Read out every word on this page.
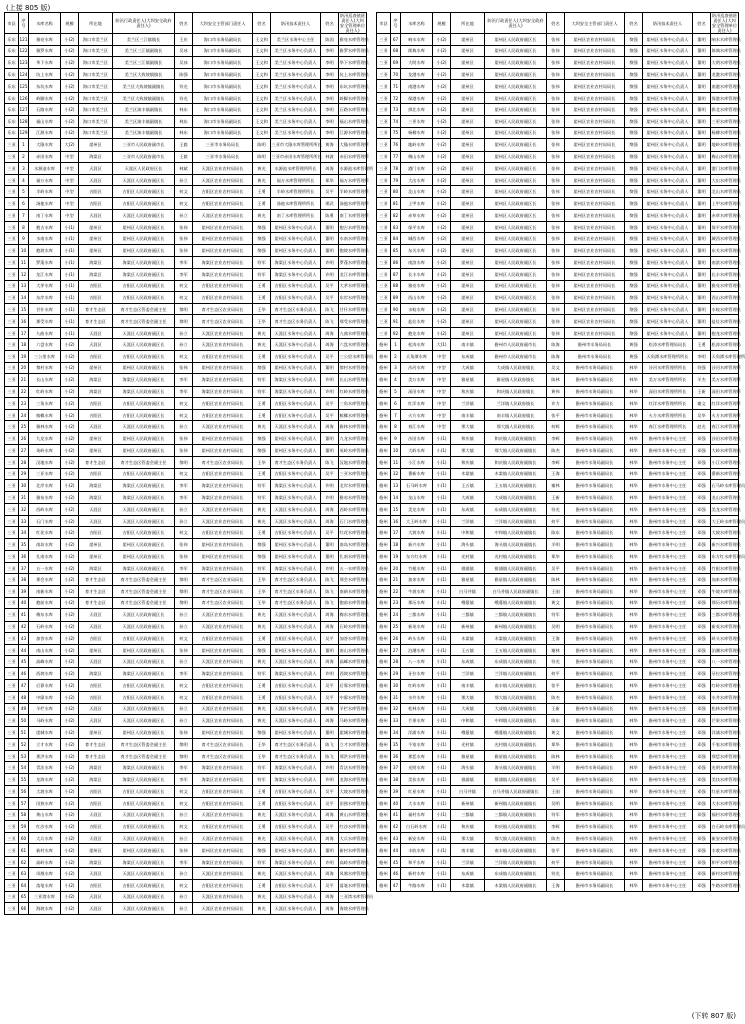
(上接 805 版)
市县	序号	水库名称	规模	所在地	防汛行政责任人(大坝安全政府责任人)	姓名	大坝安全主管部门责任人	姓名	防汛技术责任人	姓名	防汛巡查值班责任人(大坝安全管理单位责任人)
乐东	121	雅亮水库	小(2)	海口市美兰区	美兰区三江镇镇长	王庆	海口市水务局副局长	王文和	美兰区水务中心主任	陈国	雅亮水库管理员
乐东	122	雅罗水库	小(2)	海口市美兰区	美兰区三江镇副镇长	吴冰	海口市水务局副局长	王文和	美兰区水务中心负责人	李明	雅罗水库管理员
乐东	123	华下水库	小(2)	海口市美兰区	美兰区三江镇副镇长	吴冰	海口市水务局副局长	王文和	美兰区水务中心负责人	李明	华下水库管理员
乐东	124	坑上水库	小(2)	海口市美兰区	美兰区大致坡镇镇长	陈强	海口市水务局副局长	王文和	美兰区水务中心负责人	李明	坑上水库管理员
乐东	125	东坑水库	小(2)	海口市美兰区	美兰区大致坡镇副镇长	符光	海口市水务局副局长	王文和	美兰区水务中心负责人	李明	东坑水库管理员
乐东	126	岭脚水库	小(2)	海口市美兰区	美兰区大致坡镇副镇长	符光	海口市水务局副局长	王文和	美兰区水务中心负责人	李明	岭脚水库管理员
乐东	127	石路水库	小(2)	海口市美兰区	美兰区演丰镇副镇长	林东	海口市水务局副局长	王文和	美兰区水务中心负责人	李明	石路水库管理员
乐东	128	福山水库	小(2)	海口市美兰区	美兰区演丰镇副镇长	林东	海口市水务局副局长	王文和	美兰区水务中心负责人	李明	福山水库管理员
乐东	129	江源水库	小(2)	海口市美兰区	美兰区演丰镇副镇长	林东	海口市水务局副局长	王文和	美兰区水务中心负责人	李明	江源水库管理员
三亚	1	大隆水库	大(2)	崖州区	三亚市人民政府副市长	王毅	三亚市水务局局长	陈明	三亚市大隆水库管理所所长	黄海	大隆水库管理所
三亚	2	赤田水库	中型	海棠区	三亚市人民政府副市长	王毅	三亚市水务局局长	陈明	三亚市赤田水库管理所所长	林波	赤田水库管理所
三亚	3	水源池水库	中型	天涯区	天涯区人民政府区长	林斌	天涯区农业农村局局长	黄光	水源池水库管理所所长	周海	水源池水库管理所
三亚	4	福万水库	中型	天涯区	天涯区人民政府副区长	孙立	天涯区农业农村局局长	黄光	福万水库管理所所长	郑华	福万水库管理所
三亚	5	半岭水库	中型	吉阳区	吉阳区人民政府副区长	何文	吉阳区农业农村局局长	王勇	半岭水库管理所所长	吴平	半岭水库管理所
三亚	6	汤他水库	中型	吉阳区	吉阳区人民政府副区长	何文	吉阳区农业农村局局长	王勇	汤他水库管理所所长	邢武	汤他水库管理所
三亚	7	南丁水库	中型	天涯区	天涯区人民政府副区长	孙立	天涯区农业农村局局长	黄光	南丁水库管理所所长	陈勇	南丁水库管理所
三亚	8	抱古水库	小(1)	崖州区	崖州区人民政府副区长	张伟	崖州区农业农村局局长	黎强	崖州区水务中心负责人	董明	抱古水库管理员
三亚	9	水南水库	小(1)	崖州区	崖州区人民政府副区长	张伟	崖州区农业农村局局长	黎强	崖州区水务中心负责人	董明	水南水库管理员
三亚	10	抱坡水库	小(1)	崖州区	崖州区人民政府副区长	张伟	崖州区农业农村局局长	黎强	崖州区水务中心负责人	董明	抱坡水库管理员
三亚	11	罗蓬水库	小(1)	海棠区	海棠区人民政府副区长	李军	海棠区农业农村局局长	符军	海棠区水务中心负责人	许明	罗蓬水库管理员
三亚	12	龙江水库	小(1)	海棠区	海棠区人民政府副区长	李军	海棠区农业农村局局长	符军	海棠区水务中心负责人	许明	龙江水库管理员
三亚	13	大茅水库	小(1)	吉阳区	吉阳区人民政府副区长	何文	吉阳区农业农村局局长	王勇	吉阳区水务中心负责人	吴平	大茅水库管理员
三亚	14	东岸水库	小(1)	吉阳区	吉阳区人民政府副区长	何文	吉阳区农业农村局局长	王勇	吉阳区水务中心负责人	吴平	东岸水库管理员
三亚	15	甘什水库	小(1)	育才生态区	育才生态区管委会副主任	黎明	育才生态区农业局局长	王华	育才生态区水务负责人	陈飞	甘什水库管理员
三亚	16	那受水库	小(1)	育才生态区	育才生态区管委会副主任	黎明	育才生态区农业局局长	王华	育才生态区水务负责人	陈飞	那受水库管理员
三亚	17	九曲水库	小(1)	天涯区	天涯区人民政府副区长	孙立	天涯区农业农村局局长	黄光	天涯区水务中心负责人	周海	九曲水库管理员
三亚	18	六盘水库	小(2)	天涯区	天涯区人民政府副区长	孙立	天涯区农业农村局局长	黄光	天涯区水务中心负责人	周海	六盘水库管理员
三亚	19	三公里水库	小(2)	吉阳区	吉阳区人民政府副区长	何文	吉阳区农业农村局局长	王勇	吉阳区水务中心负责人	吴平	三公里水库管理员
三亚	20	黎村水库	小(2)	崖州区	崖州区人民政府副区长	张伟	崖州区农业农村局局长	黎强	崖州区水务中心负责人	董明	黎村水库管理员
三亚	21	长山水库	小(2)	海棠区	海棠区人民政府副区长	李军	海棠区农业农村局局长	符军	海棠区水务中心负责人	许明	长山水库管理员
三亚	22	红岭水库	小(2)	海棠区	海棠区人民政府副区长	李军	海棠区农业农村局局长	符军	海棠区水务中心负责人	许明	红岭水库管理员
三亚	23	三角水库	小(2)	吉阳区	吉阳区人民政府副区长	何文	吉阳区农业农村局局长	王勇	吉阳区水务中心负责人	吴平	三角水库管理员
三亚	24	槟榔水库	小(2)	吉阳区	吉阳区人民政府副区长	何文	吉阳区农业农村局局长	王勇	吉阳区水务中心负责人	吴平	槟榔水库管理员
三亚	25	雅林水库	小(2)	天涯区	天涯区人民政府副区长	孙立	天涯区农业农村局局长	黄光	天涯区水务中心负责人	周海	雅林水库管理员
三亚	26	九龙水库	小(2)	崖州区	崖州区人民政府副区长	张伟	崖州区农业农村局局长	黎强	崖州区水务中心负责人	董明	九龙水库管理员
三亚	27	英岭水库	小(2)	崖州区	崖州区人民政府副区长	张伟	崖州区农业农村局局长	黎强	崖州区水务中心负责人	董明	英岭水库管理员
三亚	28	汉地水库	小(2)	育才生态区	育才生态区管委会副主任	黎明	育才生态区农业局局长	王华	育才生态区水务负责人	陈飞	汉地水库管理员
三亚	29	三亚水库	小(2)	吉阳区	吉阳区人民政府副区长	何文	吉阳区农业农村局局长	王勇	吉阳区水务中心负责人	吴平	三亚水库管理员
三亚	30	北岸水库	小(2)	海棠区	海棠区人民政府副区长	李军	海棠区农业农村局局长	符军	海棠区水务中心负责人	许明	北岸水库管理员
三亚	31	雅布水库	小(2)	海棠区	海棠区人民政府副区长	李军	海棠区农业农村局局长	符军	海棠区水务中心负责人	许明	雅布水库管理员
三亚	32	西岭水库	小(2)	天涯区	天涯区人民政府副区长	孙立	天涯区农业农村局局长	黄光	天涯区水务中心负责人	周海	西岭水库管理员
三亚	33	石门水库	小(2)	天涯区	天涯区人民政府副区长	孙立	天涯区农业农村局局长	黄光	天涯区水务中心负责人	周海	石门水库管理员
三亚	34	红花水库	小(2)	吉阳区	吉阳区人民政府副区长	何文	吉阳区农业农村局局长	王勇	吉阳区水务中心负责人	吴平	红花水库管理员
三亚	35	南岛水库	小(2)	崖州区	崖州区人民政府副区长	张伟	崖州区农业农村局局长	黎强	崖州区水务中心负责人	董明	南岛水库管理员
三亚	36	扎南水库	小(2)	崖州区	崖州区人民政府副区长	张伟	崖州区农业农村局局长	黎强	崖州区水务中心负责人	董明	扎南水库管理员
三亚	37	五一水库	小(2)	海棠区	海棠区人民政府副区长	李军	海棠区农业农村局局长	符军	海棠区水务中心负责人	许明	五一水库管理员
三亚	38	那会水库	小(2)	育才生态区	育才生态区管委会副主任	黎明	育才生态区农业局局长	王华	育才生态区水务负责人	陈飞	那会水库管理员
三亚	39	南新水库	小(2)	育才生态区	育才生态区管委会副主任	黎明	育才生态区农业局局长	王华	育才生态区水务负责人	陈飞	南新水库管理员
三亚	40	抱前水库	小(2)	育才生态区	育才生态区管委会副主任	黎明	育才生态区农业局局长	王华	育才生态区水务负责人	陈飞	抱前水库管理员
三亚	41	梅东水库	小(2)	天涯区	天涯区人民政府副区长	孙立	天涯区农业农村局局长	黄光	天涯区水务中心负责人	周海	梅东水库管理员
三亚	42	石岭水库	小(2)	天涯区	天涯区人民政府副区长	孙立	天涯区农业农村局局长	黄光	天涯区水务中心负责人	周海	石岭水库管理员
三亚	43	加答水库	小(2)	吉阳区	吉阳区人民政府副区长	何文	吉阳区农业农村局局长	王勇	吉阳区水务中心负责人	吴平	加答水库管理员
三亚	44	南山水库	小(2)	崖州区	崖州区人民政府副区长	张伟	崖州区农业农村局局长	黎强	崖州区水务中心负责人	董明	南山水库管理员
三亚	45	高峰水库	小(2)	天涯区	天涯区人民政府副区长	孙立	天涯区农业农村局局长	黄光	天涯区水务中心负责人	周海	高峰水库管理员
三亚	46	西坡水库	小(2)	海棠区	海棠区人民政府副区长	李军	海棠区农业农村局局长	符军	海棠区水务中心负责人	许明	西坡水库管理员
三亚	47	后靠水库	小(2)	吉阳区	吉阳区人民政府副区长	何文	吉阳区农业农村局局长	王勇	吉阳区水务中心负责人	吴平	后靠水库管理员
三亚	48	中廖水库	小(2)	吉阳区	吉阳区人民政府副区长	何文	吉阳区农业农村局局长	王勇	吉阳区水务中心负责人	吴平	中廖水库管理员
三亚	49	羊栏水库	小(2)	天涯区	天涯区人民政府副区长	孙立	天涯区农业农村局局长	黄光	天涯区水务中心负责人	周海	羊栏水库管理员
三亚	50	马岭水库	小(2)	天涯区	天涯区人民政府副区长	孙立	天涯区农业农村局局长	黄光	天涯区水务中心负责人	周海	马岭水库管理员
三亚	51	崖城水库	小(2)	崖州区	崖州区人民政府副区长	张伟	崖州区农业农村局局长	黎强	崖州区水务中心负责人	董明	崖城水库管理员
三亚	52	立才水库	小(2)	育才生态区	育才生态区管委会副主任	黎明	育才生态区农业局局长	王华	育才生态区水务负责人	陈飞	立才水库管理员
三亚	53	那洪水库	小(2)	育才生态区	育才生态区管委会副主任	黎明	育才生态区农业局局长	王华	育才生态区水务负责人	陈飞	那洪水库管理员
三亚	54	青法水库	小(2)	海棠区	海棠区人民政府副区长	李军	海棠区农业农村局局长	符军	海棠区水务中心负责人	许明	青法水库管理员
三亚	55	龙海水库	小(2)	海棠区	海棠区人民政府副区长	李军	海棠区农业农村局局长	符军	海棠区水务中心负责人	许明	龙海水库管理员
三亚	56	大坡水库	小(2)	吉阳区	吉阳区人民政府副区长	何文	吉阳区农业农村局局长	王勇	吉阳区水务中心负责人	吴平	大坡水库管理员
三亚	57	田独水库	小(2)	吉阳区	吉阳区人民政府副区长	何文	吉阳区农业农村局局长	王勇	吉阳区水务中心负责人	吴平	田独水库管理员
三亚	58	黄山水库	小(2)	天涯区	天涯区人民政府副区长	孙立	天涯区农业农村局局长	黄光	天涯区水务中心负责人	周海	黄山水库管理员
三亚	59	红沙水库	小(2)	吉阳区	吉阳区人民政府副区长	何文	吉阳区农业农村局局长	王勇	吉阳区水务中心负责人	吴平	红沙水库管理员
三亚	60	大兵水库	小(2)	天涯区	天涯区人民政府副区长	孙立	天涯区农业农村局局长	黄光	天涯区水务中心负责人	周海	大兵水库管理员
三亚	61	新村水库	小(2)	崖州区	崖州区人民政府副区长	张伟	崖州区农业农村局局长	黎强	崖州区水务中心负责人	董明	新村水库管理员
三亚	62	高岭水库	小(2)	海棠区	海棠区人民政府副区长	李军	海棠区农业农村局局长	符军	海棠区水务中心负责人	许明	高岭水库管理员
三亚	63	凤凰水库	小(2)	天涯区	天涯区人民政府副区长	孙立	天涯区农业农村局局长	黄光	天涯区水务中心负责人	周海	凤凰水库管理员
三亚	64	落笔水库	小(2)	吉阳区	吉阳区人民政府副区长	何文	吉阳区农业农村局局长	王勇	吉阳区水务中心负责人	吴平	落笔水库管理员
三亚	65	三亚湾水库	小(2)	天涯区	天涯区人民政府副区长	孙立	天涯区农业农村局局长	黄光	天涯区水务中心负责人	周海	三亚湾水库管理员
三亚	66	海坡水库	小(2)	天涯区	天涯区人民政府副区长	孙立	天涯区农业农村局局长	黄光	天涯区水务中心负责人	周海	海坡水库管理员
市县	序号	水库名称	规模	所在地	防汛行政责任人(大坝安全政府责任人)	姓名	大坝安全主管部门责任人	姓名	防汛技术责任人	姓名	防汛巡查值班责任人(大坝安全管理单位责任人)
三亚	67	响水水库	小(2)	崖州区	崖州区人民政府副区长	张伟	崖州区农业农村局局长	黎强	崖州区水务中心负责人	董明	响水水库管理员
三亚	68	郎典水库	小(2)	崖州区	崖州区人民政府副区长	张伟	崖州区农业农村局局长	黎强	崖州区水务中心负责人	董明	郎典水库管理员
三亚	69	大明水库	小(2)	崖州区	崖州区人民政府副区长	张伟	崖州区农业农村局局长	黎强	崖州区水务中心负责人	董明	大明水库管理员
三亚	70	龙港水库	小(2)	崖州区	崖州区人民政府副区长	张伟	崖州区农业农村局局长	黎强	崖州区水务中心负责人	董明	龙港水库管理员
三亚	71	南港水库	小(2)	崖州区	崖州区人民政府副区长	张伟	崖州区农业农村局局长	黎强	崖州区水务中心负责人	董明	南港水库管理员
三亚	72	保港水库	小(2)	崖州区	崖州区人民政府副区长	张伟	崖州区农业农村局局长	黎强	崖州区水务中心负责人	董明	保港水库管理员
三亚	73	拱北水库	小(2)	崖州区	崖州区人民政府副区长	张伟	崖州区农业农村局局长	黎强	崖州区水务中心负责人	董明	拱北水库管理员
三亚	74	三更水库	小(2)	崖州区	崖州区人民政府副区长	张伟	崖州区农业农村局局长	黎强	崖州区水务中心负责人	董明	三更水库管理员
三亚	75	杨柳水库	小(2)	崖州区	崖州区人民政府副区长	张伟	崖州区农业农村局局长	黎强	崖州区水务中心负责人	董明	杨柳水库管理员
三亚	76	地岭水库	小(2)	崖州区	崖州区人民政府副区长	张伟	崖州区农业农村局局长	黎强	崖州区水务中心负责人	董明	地岭水库管理员
三亚	77	梅山水库	小(2)	崖州区	崖州区人民政府副区长	张伟	崖州区农业农村局局长	黎强	崖州区水务中心负责人	董明	梅山水库管理员
三亚	78	港门水库	小(2)	崖州区	崖州区人民政府副区长	张伟	崖州区农业农村局局长	黎强	崖州区水务中心负责人	董明	港门水库管理员
三亚	79	大出水库	小(2)	崖州区	崖州区人民政府副区长	张伟	崖州区农业农村局局长	黎强	崖州区水务中心负责人	董明	大出水库管理员
三亚	80	北山水库	小(2)	崖州区	崖州区人民政府副区长	张伟	崖州区农业农村局局长	黎强	崖州区水务中心负责人	董明	北山水库管理员
三亚	81	上甲水库	小(2)	崖州区	崖州区人民政府副区长	张伟	崖州区农业农村局局长	黎强	崖州区水务中心负责人	董明	上甲水库管理员
三亚	82	赤草水库	小(2)	崖州区	崖州区人民政府副区长	张伟	崖州区农业农村局局长	黎强	崖州区水务中心负责人	董明	赤草水库管理员
三亚	83	保平水库	小(2)	崖州区	崖州区人民政府副区长	张伟	崖州区农业农村局局长	黎强	崖州区水务中心负责人	董明	保平水库管理员
三亚	84	城西水库	小(2)	崖州区	崖州区人民政府副区长	张伟	崖州区农业农村局局长	黎强	崖州区水务中心负责人	董明	城西水库管理员
三亚	85	东关水库	小(2)	崖州区	崖州区人民政府副区长	张伟	崖州区农业农村局局长	黎强	崖州区水务中心负责人	董明	东关水库管理员
三亚	86	南滨水库	小(2)	崖州区	崖州区人民政府副区长	张伟	崖州区农业农村局局长	黎强	崖州区水务中心负责人	董明	南滨水库管理员
三亚	87	长丰水库	小(2)	崖州区	崖州区人民政府副区长	张伟	崖州区农业农村局局长	黎强	崖州区水务中心负责人	董明	长丰水库管理员
三亚	88	雅亮水库	小(2)	崖州区	崖州区人民政府副区长	张伟	崖州区农业农村局局长	黎强	崖州区水务中心负责人	董明	雅亮水库管理员
三亚	89	西山水库	小(2)	崖州区	崖州区人民政府副区长	张伟	崖州区农业农村局局长	黎强	崖州区水务中心负责人	董明	西山水库管理员
三亚	90	水蛟水库	小(2)	崖州区	崖州区人民政府副区长	张伟	崖州区农业农村局局长	黎强	崖州区水务中心负责人	董明	水蛟水库管理员
三亚	91	盐灶水库	小(2)	崖州区	崖州区人民政府副区长	张伟	崖州区农业农村局局长	黎强	崖州区水务中心负责人	董明	盐灶水库管理员
三亚	92	抱龙水库	小(2)	崖州区	崖州区人民政府副区长	张伟	崖州区农业农村局局长	黎强	崖州区水务中心负责人	董明	抱龙水库管理员
儋州	1	松涛水库	大(1)	南丰镇	儋州市人民政府副市长	陈海	儋州市水务局局长	黄强	松涛水库管理局局长	王勇	松涛水库管理局
儋州	2	天角潭水库	中型	东成镇	儋州市人民政府副市长	陈海	儋州市水务局局长	黄强	天角潭水库管理所所长	李明	天角潭水库管理所
儋州	3	沙河水库	中型	大成镇	大成镇人民政府镇长	吴文	儋州市水务局副局长	林华	沙河水库管理所所长	符强	沙河水库管理所
儋州	4	美万水库	中型	雅星镇	雅星镇人民政府镇长	陈林	儋州市水务局副局长	林华	美万水库管理所所长	羊杰	美万水库管理所
儋州	5	深田水库	中型	和庆镇	和庆镇人民政府镇长	黄伟	儋州市水务局副局长	林华	深田水库管理所所长	王新	深田水库管理所
儋州	6	红洋水库	中型	兰洋镇	兰洋镇人民政府镇长	许力	儋州市水务局副局长	林华	红洋水库管理所所长	谢文	红洋水库管理所
儋州	7	火方水库	中型	南丰镇	南丰镇人民政府镇长	张平	儋州市水务局副局长	林华	火方水库管理所所长	吴华	火方水库管理所
儋州	8	春江水库	中型	那大镇	那大镇人民政府镇长	何辉	儋州市水务局副局长	林华	春江水库管理所所长	赵光	春江水库管理所
儋州	9	沙田水库	小(1)	和庆镇	和庆镇人民政府副镇长	李辉	儋州市水务局副局长	林华	儋州市水务中心主任	邓强	沙田水库管理员
儋州	10	大岭水库	小(1)	那大镇	那大镇人民政府副镇长	陈杰	儋州市水务局副局长	林华	儋州市水务中心主任	邓强	大岭水库管理员
儋州	11	小江水库	小(1)	和庆镇	和庆镇人民政府副镇长	李辉	儋州市水务局副局长	林华	儋州市水务中心主任	邓强	小江水库管理员
儋州	12	番新水库	小(1)	木棠镇	木棠镇人民政府副镇长	王海	儋州市水务局副局长	林华	儋州市水务中心主任	邓强	番新水库管理员
儋州	13	石马岭水库	小(1)	王五镇	王五镇人民政府副镇长	谢林	儋州市水务局副局长	林华	儋州市水务中心主任	邓强	石马岭水库管理员
儋州	14	龙山水库	小(1)	大成镇	大成镇人民政府副镇长	王新	儋州市水务局副局长	林华	儋州市水务中心主任	邓强	龙山水库管理员
儋州	15	美龙水库	小(1)	东成镇	东成镇人民政府副镇长	符光	儋州市水务局副局长	林华	儋州市水务中心主任	邓强	美龙水库管理员
儋州	16	大王岭水库	小(1)	兰洋镇	兰洋镇人民政府副镇长	何平	儋州市水务局副局长	林华	儋州市水务中心主任	邓强	大王岭水库管理员
儋州	17	大坡水库	小(1)	中和镇	中和镇人民政府副镇长	陈东	儋州市水务局副局长	林华	儋州市水务中心主任	邓强	大坡水库管理员
儋州	18	新兴水库	小(1)	海头镇	海头镇人民政府副镇长	羊明	儋州市水务局副局长	林华	儋州市水务中心主任	邓强	新兴水库管理员
儋州	19	东方红水库	小(1)	光村镇	光村镇人民政府副镇长	郑华	儋州市水务局副局长	林华	儋州市水务中心主任	邓强	东方红水库管理员
儋州	20	竹根水库	小(1)	排浦镇	排浦镇人民政府副镇长	吴平	儋州市水务局副局长	林华	儋州市水务中心主任	邓强	竹根水库管理员
儋州	21	加来水库	小(1)	雅星镇	雅星镇人民政府副镇长	陈林	儋州市水务局副局长	林华	儋州市水务中心主任	邓强	加来水库管理员
儋州	22	牛坡水库	小(1)	白马井镇	白马井镇人民政府副镇长	王刚	儋州市水务局副局长	林华	儋州市水务中心主任	邓强	牛坡水库管理员
儋州	23	那历水库	小(1)	峨蔓镇	峨蔓镇人民政府副镇长	黄文	儋州市水务局副局长	林华	儋州市水务中心主任	邓强	那历水库管理员
儋州	24	三都水库	小(1)	三都镇	三都镇人民政府副镇长	符军	儋州市水务局副局长	林华	儋州市水务中心主任	邓强	三都水库管理员
儋州	25	新英水库	小(1)	新州镇	新州镇人民政府副镇长	吴明	儋州市水务局副局长	林华	儋州市水务中心主任	邓强	新英水库管理员
儋州	26	岭头水库	小(1)	木棠镇	木棠镇人民政府副镇长	王海	儋州市水务局副局长	林华	儋州市水务中心主任	邓强	岭头水库管理员
儋州	27	泊潮水库	小(1)	王五镇	王五镇人民政府副镇长	谢林	儋州市水务局副局长	林华	儋州市水务中心主任	邓强	泊潮水库管理员
儋州	28	八一水库	小(1)	东成镇	东成镇人民政府副镇长	符光	儋州市水务局副局长	林华	儋州市水务中心主任	邓强	八一水库管理员
儋州	29	牙拉水库	小(1)	兰洋镇	兰洋镇人民政府副镇长	何平	儋州市水务局副局长	林华	儋州市水务中心主任	邓强	牙拉水库管理员
儋州	30	红岭水库	小(1)	南丰镇	南丰镇人民政府副镇长	张平	儋州市水务局副局长	林华	儋州市水务中心主任	邓强	红岭水库管理员
儋州	31	水井水库	小(1)	那大镇	那大镇人民政府副镇长	陈杰	儋州市水务局副局长	林华	儋州市水务中心主任	邓强	水井水库管理员
儋州	32	松林水库	小(1)	大成镇	大成镇人民政府副镇长	王新	儋州市水务局副局长	林华	儋州市水务中心主任	邓强	松林水库管理员
儋州	33	芒果水库	小(1)	中和镇	中和镇人民政府副镇长	陈东	儋州市水务局副局长	林华	儋州市水务中心主任	邓强	芒果水库管理员
儋州	34	洋浦水库	小(1)	峨蔓镇	峨蔓镇人民政府副镇长	黄文	儋州市水务局副局长	林华	儋州市水务中心主任	邓强	洋浦水库管理员
儋州	35	千家水库	小(1)	光村镇	光村镇人民政府副镇长	郑华	儋州市水务局副局长	林华	儋州市水务中心主任	邓强	千家水库管理员
儋州	36	那恁水库	小(1)	雅星镇	雅星镇人民政府副镇长	陈林	儋州市水务局副局长	林华	儋州市水务中心主任	邓强	那恁水库管理员
儋州	37	光明水库	小(1)	海头镇	海头镇人民政府副镇长	羊明	儋州市水务局副局长	林华	儋州市水务中心主任	邓强	光明水库管理员
儋州	38	美扶水库	小(1)	排浦镇	排浦镇人民政府副镇长	吴平	儋州市水务局副局长	林华	儋州市水务中心主任	邓强	美扶水库管理员
儋州	39	红星水库	小(1)	白马井镇	白马井镇人民政府副镇长	王刚	儋州市水务局副局长	林华	儋州市水务中心主任	邓强	红星水库管理员
儋州	40	大水水库	小(1)	新州镇	新州镇人民政府副镇长	吴明	儋州市水务局副局长	林华	儋州市水务中心主任	邓强	大水水库管理员
儋州	41	福村水库	小(1)	三都镇	三都镇人民政府副镇长	符军	儋州市水务局副局长	林华	儋州市水务中心主任	邓强	福村水库管理员
儋州	42	白石岭水库	小(1)	和庆镇	和庆镇人民政府副镇长	李辉	儋州市水务局副局长	林华	儋州市水务中心主任	邓强	白石岭水库管理员
儋州	43	新安水库	小(1)	那大镇	那大镇人民政府副镇长	陈杰	儋州市水务局副局长	林华	儋州市水务中心主任	邓强	新安水库管理员
儋州	44	丰收水库	小(1)	南丰镇	南丰镇人民政府副镇长	张平	儋州市水务局副局长	林华	儋州市水务中心主任	邓强	丰收水库管理员
儋州	45	和平水库	小(1)	兰洋镇	兰洋镇人民政府副镇长	何平	儋州市水务局副局长	林华	儋州市水务中心主任	邓强	和平水库管理员
儋州	46	新村水库	小(1)	东成镇	东成镇人民政府副镇长	符光	儋州市水务局副局长	林华	儋州市水务中心主任	邓强	新村水库管理员
儋州	47	牛路水库	小(1)	木棠镇	木棠镇人民政府副镇长	王海	儋州市水务局副局长	林华	儋州市水务中心主任	邓强	牛路水库管理员
(下转 807 版)
